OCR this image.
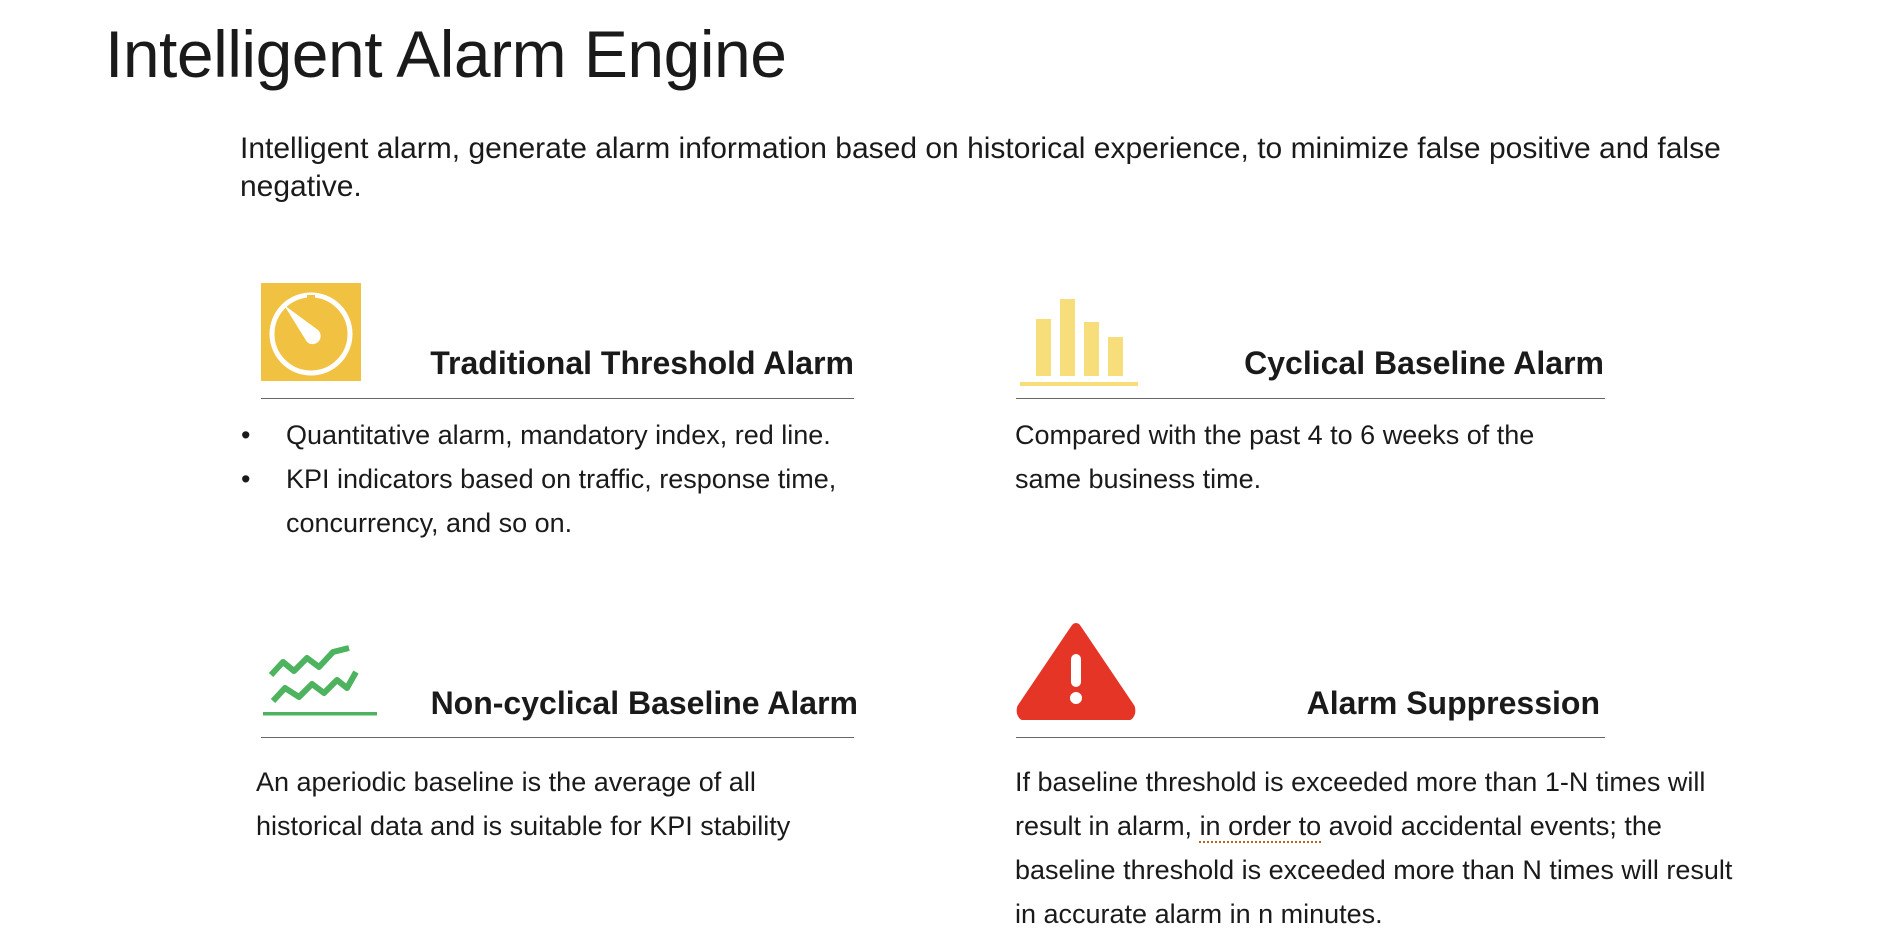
Intelligent Alarm Engine

Intelligent alarm, generate alarm information based on historical experience, to minimize false positive and false negative.

Traditional Threshold Alarm
• Quantitative alarm, mandatory index, red line.
• KPI indicators based on traffic, response time, concurrency, and so on.
Cyclical Baseline Alarm
Compared with the past 4 to 6 weeks of the same business time.
Non-cyclical Baseline Alarm
An aperiodic baseline is the average of all historical data and is suitable for KPI stability
Alarm Suppression
If baseline threshold is exceeded more than 1-N times will result in alarm, in order to avoid accidental events; the baseline threshold is exceeded more than N times will result in accurate alarm in n minutes.
